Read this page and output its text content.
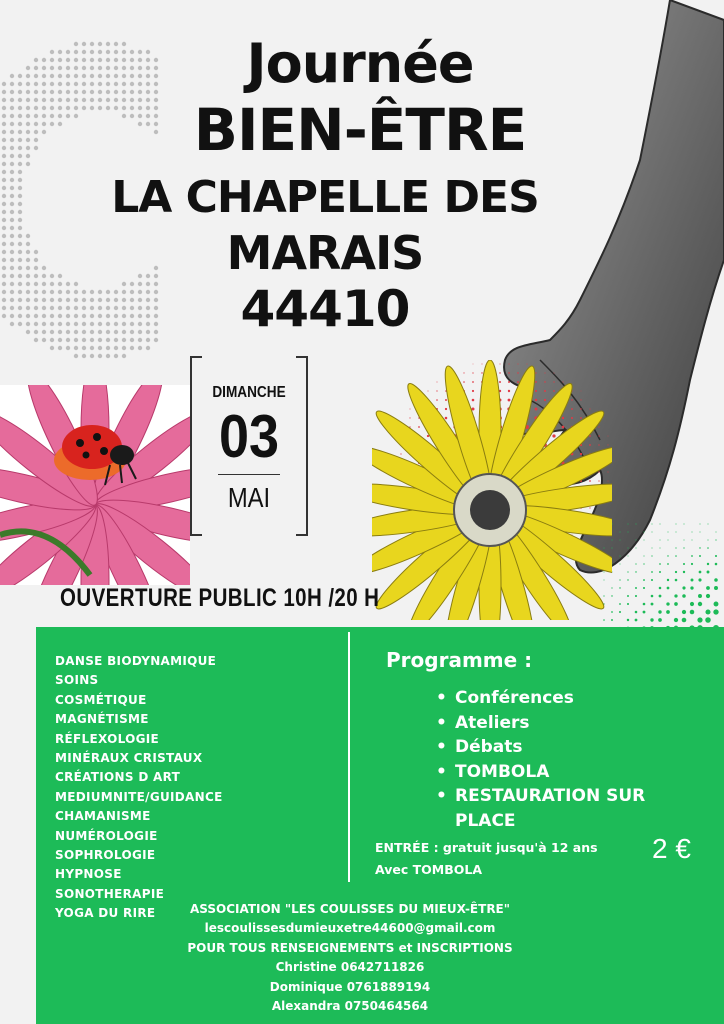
Journée
BIEN-ÊTRE
LA CHAPELLE DES
MARAIS
44410
DIMANCHE
03
MAI
OUVERTURE PUBLIC 10H /20 H
DANSE BIODYNAMIQUE
SOINS
COSMÉTIQUE
MAGNÉTISME
RÉFLEXOLOGIE
MINÉRAUX CRISTAUX
CRÉATIONS D ART
MEDIUMNITE/GUIDANCE
CHAMANISME
NUMÉROLOGIE
SOPHROLOGIE
HYPNOSE
SONOTHERAPIE
YOGA DU RIRE
Programme :
• Conférences
• Ateliers
• Débats
• TOMBOLA
• RESTAURATION SUR PLACE
ENTRÉE : gratuit jusqu'à 12 ans
Avec TOMBOLA
2 €
ASSOCIATION "LES COULISSES DU MIEUX-ÊTRE"
lescoulissesdumieuxetre44600@gmail.com
POUR TOUS RENSEIGNEMENTS et INSCRIPTIONS
Christine 0642711826
Dominique 0761889194
Alexandra 0750464564
